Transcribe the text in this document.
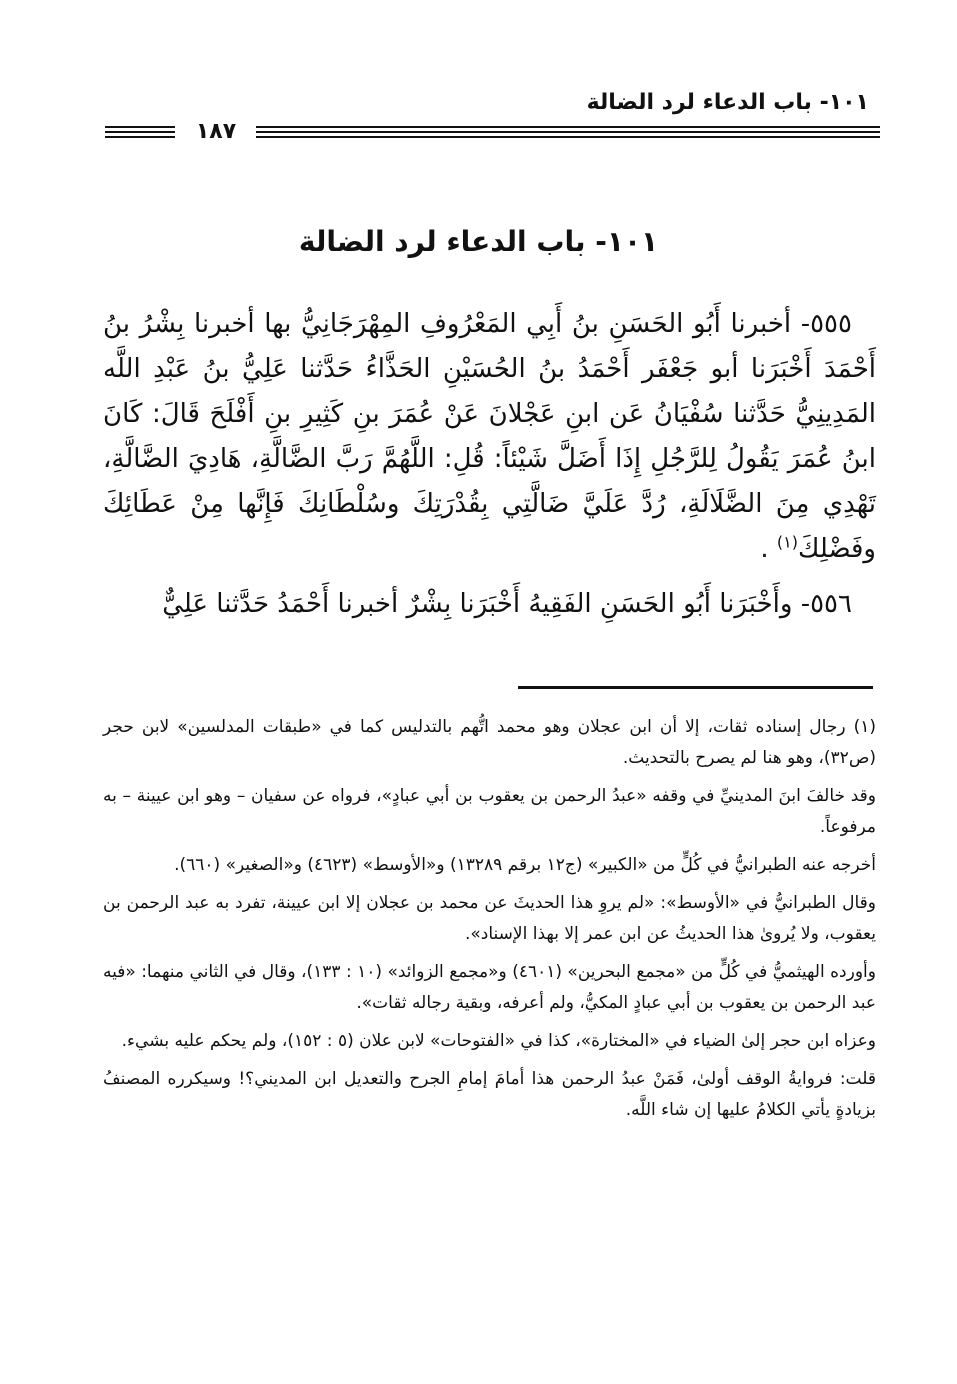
١٠١- باب الدعاء لرد الضالة
١٨٧
١٠١- باب الدعاء لرد الضالة

٥٥٥- أخبرنا أَبُو الحَسَنِ بنُ أَبِي المَعْرُوفِ المِهْرَجَانِيُّ بها أخبرنا بِشْرُ بنُ أَحْمَدَ أَخْبَرَنا أبو جَعْفَر أَحْمَدُ بنُ الحُسَيْنِ الحَذَّاءُ حَدَّثنا عَلِيُّ بنُ عَبْدِ اللَّه المَدِينِيُّ حَدَّثنا سُفْيَانُ عَن ابنِ عَجْلانَ عَنْ عُمَرَ بنِ كَثِيرِ بنِ أَفْلَحَ قَالَ: كَانَ ابنُ عُمَرَ يَقُولُ لِلرَّجُلِ إِذَا أَضَلَّ شَيْئاً: قُلِ: اللَّهُمَّ رَبَّ الضَّالَّةِ، هَادِيَ الضَّالَّةِ، تَهْدِي مِنَ الضَّلَالَةِ، رُدَّ عَلَيَّ ضَالَّتِي بِقُدْرَتِكَ وسُلْطَانِكَ فَإِنَّها مِنْ عَطَائِكَ وفَضْلِكَ$^{(١)}$ .

٥٥٦- وأَخْبَرَنا أَبُو الحَسَنِ الفَقِيهُ أَخْبَرَنا بِشْرٌ أخبرنا أَحْمَدُ حَدَّثنا عَلِيٌّ

(١) رجال إسناده ثقات، إلا أن ابن عجلان وهو محمد اتُّهم بالتدليس كما في «طبقات المدلسين» لابن حجر (ص٣٢)، وهو هنا لم يصرح بالتحديث.

وقد خالفَ ابنَ المدينيِّ في وقفه «عبدُ الرحمن بن يعقوب بن أبي عبادٍ»، فرواه عن سفيان – وهو ابن عيينة – به مرفوعاً.

أخرجه عنه الطبرانيُّ في كُلٍّ من «الكبير» (ج١٢ برقم ١٣٢٨٩) و«الأوسط» (٤٦٢٣) و«الصغير» (٦٦٠).

وقال الطبرانيُّ في «الأوسط»: «لم يروِ هذا الحديثَ عن محمد بن عجلان إلا ابن عيينة، تفرد به عبد الرحمن بن يعقوب، ولا يُروىٰ هذا الحديثُ عن ابن عمر إلا بهذا الإسناد».

وأورده الهيثميُّ في كُلٍّ من «مجمع البحرين» (٤٦٠١) و«مجمع الزوائد» (١٠ : ١٣٣)، وقال في الثاني منهما: «فيه عبد الرحمن بن يعقوب بن أبي عبادٍ المكيُّ، ولم أعرفه، وبقية رجاله ثقات».

وعزاه ابن حجر إلىٰ الضياء في «المختارة»، كذا في «الفتوحات» لابن علان (٥ : ١٥٢)، ولم يحكم عليه بشيء.

قلت: فروايةُ الوقف أولىٰ، فَمَنْ عبدُ الرحمن هذا أمامَ إمامِ الجرح والتعديل ابن المديني؟! وسيكرره المصنفُ بزيادةٍ يأتي الكلامُ عليها إن شاء اللَّه.
